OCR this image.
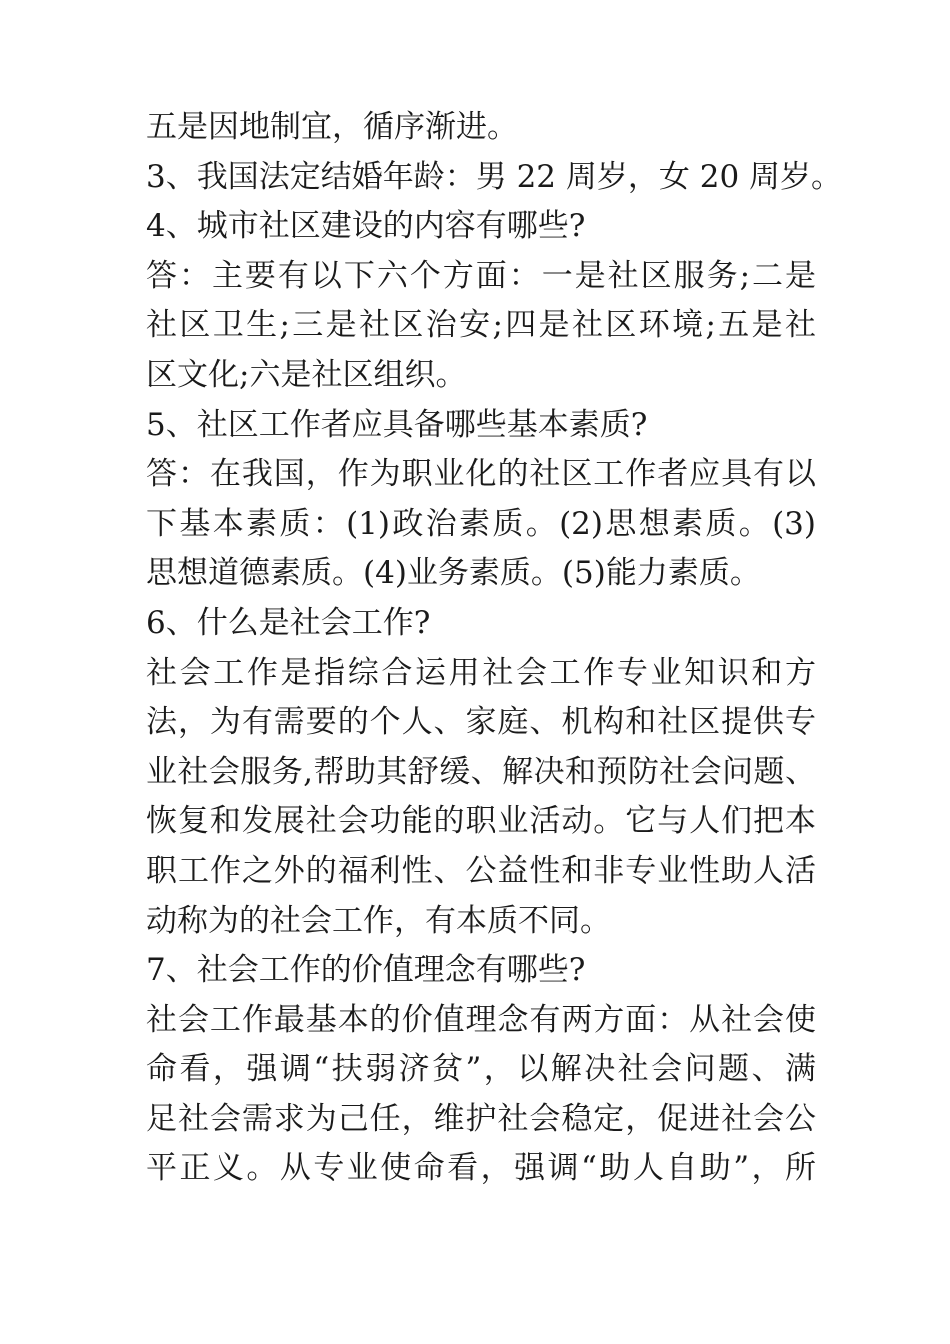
五是因地制宜，循序渐进。
3、我国法定结婚年龄：男 22 周岁，女 20 周岁。
4、城市社区建设的内容有哪些?
答：主要有以下六个方面：一是社区服务;二是
社区卫生;三是社区治安;四是社区环境;五是社
区文化;六是社区组织。
5、社区工作者应具备哪些基本素质?
答：在我国，作为职业化的社区工作者应具有以
下基本素质：(1)政治素质。(2)思想素质。(3)
思想道德素质。(4)业务素质。(5)能力素质。
6、什么是社会工作?
社会工作是指综合运用社会工作专业知识和方
法，为有需要的个人、家庭、机构和社区提供专
业社会服务,帮助其舒缓、解决和预防社会问题、
恢复和发展社会功能的职业活动。它与人们把本
职工作之外的福利性、公益性和非专业性助人活
动称为的社会工作，有本质不同。
7、社会工作的价值理念有哪些?
社会工作最基本的价值理念有两方面：从社会使
命看，强调“扶弱济贫”，以解决社会问题、满
足社会需求为己任，维护社会稳定，促进社会公
平正义。从专业使命看，强调“助人自助”，所
